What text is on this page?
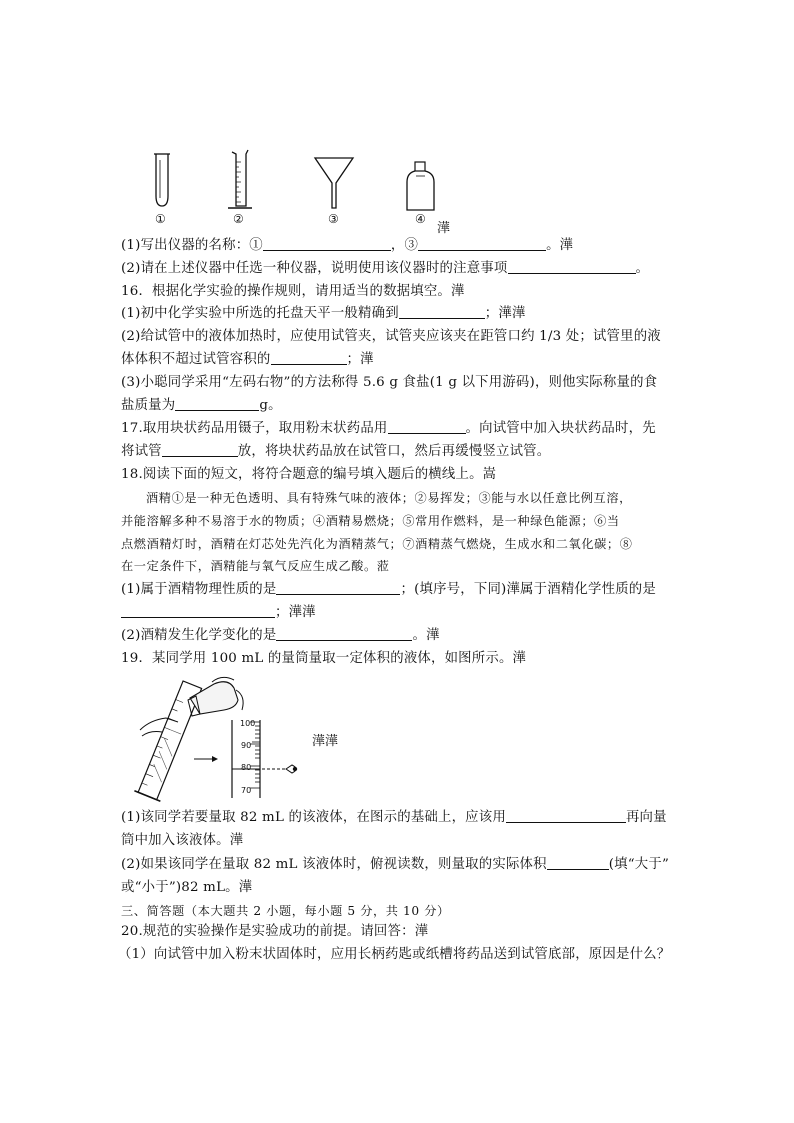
①	②	③	④
澕
(1)写出仪器的名称：①	，③	。澕
(2)请在上述仪器中任选一种仪器，说明使用该仪器时的注意事项	。
16．根据化学实验的操作规则，请用适当的数据填空。澕
(1)初中化学实验中所选的托盘天平一般精确到	；澕澕
(2)给试管中的液体加热时，应使用试管夹，试管夹应该夹在距管口约 1/3 处；试管里的液
体体积不超过试管容积的	；澕
(3)小聪同学采用“左码右物”的方法称得 5.6 g 食盐(1 g 以下用游码)，则他实际称量的食
盐质量为	g。
17.取用块状药品用镊子，取用粉末状药品用	。向试管中加入块状药品时，先
将试管	放，将块状药品放在试管口，然后再缓慢竖立试管。
18.阅读下面的短文，将符合题意的编号填入题后的横线上。嵩
酒精①是一种无色透明、具有特殊气味的液体；②易挥发；③能与水以任意比例互溶，
并能溶解多种不易溶于水的物质；④酒精易燃烧；⑤常用作燃料，是一种绿色能源；⑥当
点燃酒精灯时，酒精在灯芯处先汽化为酒精蒸气；⑦酒精蒸气燃烧，生成水和二氧化碳；⑧
在一定条件下，酒精能与氧气反应生成乙酸。蒞
(1)属于酒精物理性质的是	；(填序号，下同)澕属于酒精化学性质的是
；澕澕
(2)酒精发生化学变化的是	。澕
19．某同学用 100 mL 的量筒量取一定体积的液体，如图所示。澕
100
90
80
70
澕澕
(1)该同学若要量取 82 mL 的该液体，在图示的基础上，应该用	再向量
筒中加入该液体。澕
(2)如果该同学在量取 82 mL 该液体时，俯视读数，则量取的实际体积	(填“大于”
或“小于”)82 mL。澕
三、简答题（本大题共 2 小题，每小题 5 分，共 10 分）
20.规范的实验操作是实验成功的前提。请回答：澕
（1）向试管中加入粉末状固体时，应用长柄药匙或纸槽将药品送到试管底部，原因是什么？
